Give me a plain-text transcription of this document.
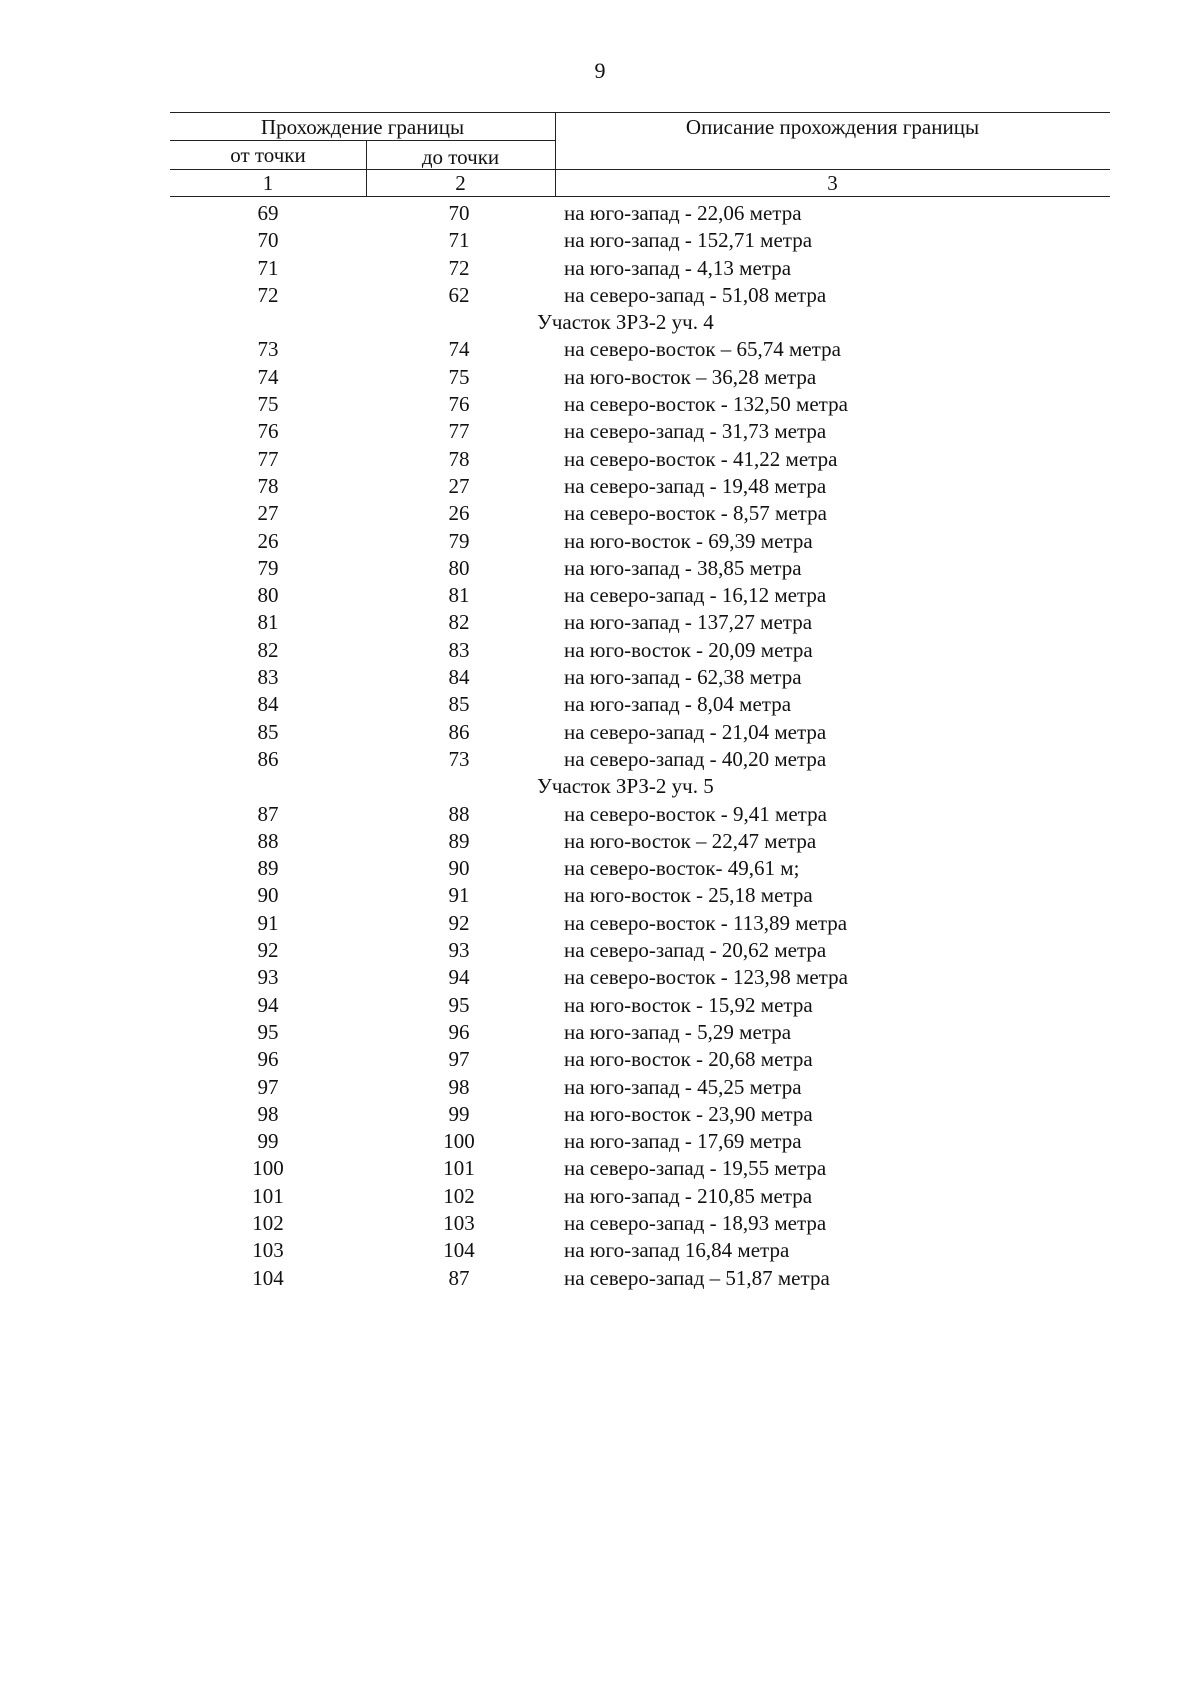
9
Прохождение границы	Описание прохождения границы
от точки	до точки
1	2	3
69	70	на юго-запад - 22,06 метра
70	71	на юго-запад - 152,71 метра
71	72	на юго-запад - 4,13 метра
72	62	на северо-запад - 51,08 метра
Участок ЗРЗ-2 уч. 4
73	74	на северо-восток – 65,74 метра
74	75	на юго-восток – 36,28 метра
75	76	на северо-восток - 132,50 метра
76	77	на северо-запад - 31,73 метра
77	78	на северо-восток - 41,22 метра
78	27	на северо-запад - 19,48 метра
27	26	на северо-восток - 8,57 метра
26	79	на юго-восток - 69,39 метра
79	80	на юго-запад - 38,85 метра
80	81	на северо-запад - 16,12 метра
81	82	на юго-запад - 137,27 метра
82	83	на юго-восток - 20,09 метра
83	84	на юго-запад - 62,38 метра
84	85	на юго-запад - 8,04 метра
85	86	на северо-запад - 21,04 метра
86	73	на северо-запад - 40,20 метра
Участок ЗРЗ-2 уч. 5
87	88	на северо-восток - 9,41 метра
88	89	на юго-восток – 22,47 метра
89	90	на северо-восток- 49,61 м;
90	91	на юго-восток - 25,18 метра
91	92	на северо-восток - 113,89 метра
92	93	на северо-запад - 20,62 метра
93	94	на северо-восток - 123,98 метра
94	95	на юго-восток - 15,92 метра
95	96	на юго-запад - 5,29 метра
96	97	на юго-восток - 20,68 метра
97	98	на юго-запад - 45,25 метра
98	99	на юго-восток - 23,90 метра
99	100	на юго-запад - 17,69 метра
100	101	на северо-запад - 19,55 метра
101	102	на юго-запад - 210,85 метра
102	103	на северо-запад - 18,93 метра
103	104	на юго-запад 16,84 метра
104	87	на северо-запад – 51,87 метра
